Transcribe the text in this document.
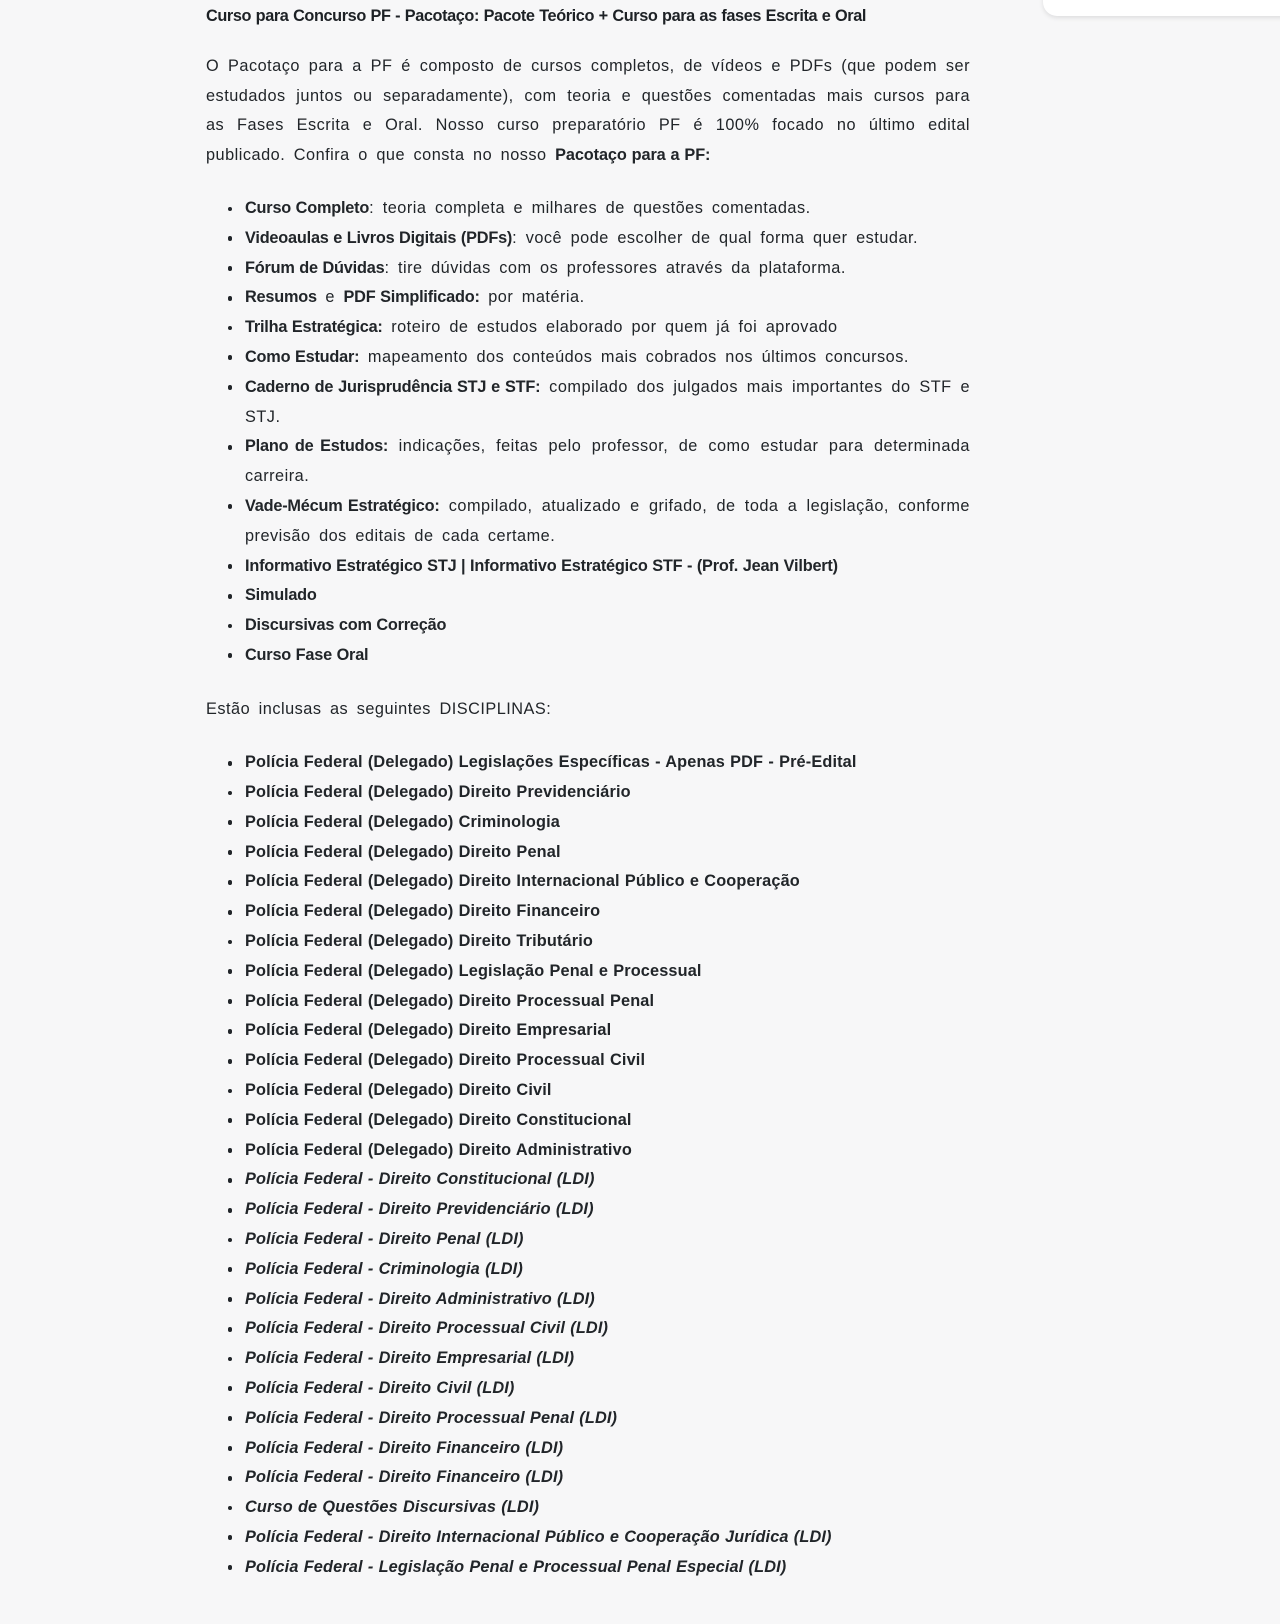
Curso para Concurso PF - Pacotaço: Pacote Teórico + Curso para as fases Escrita e Oral

O Pacotaço para a PF é composto de cursos completos, de vídeos e PDFs (que podem ser estudados juntos ou separadamente), com teoria e questões comentadas mais cursos para as Fases Escrita e Oral. Nosso curso preparatório PF é 100% focado no último edital publicado. Confira o que consta no nosso Pacotaço para a PF:

Curso Completo: teoria completa e milhares de questões comentadas.
Videoaulas e Livros Digitais (PDFs): você pode escolher de qual forma quer estudar.
Fórum de Dúvidas: tire dúvidas com os professores através da plataforma.
Resumos e PDF Simplificado: por matéria.
Trilha Estratégica: roteiro de estudos elaborado por quem já foi aprovado
Como Estudar: mapeamento dos conteúdos mais cobrados nos últimos concursos.
Caderno de Jurisprudência STJ e STF: compilado dos julgados mais importantes do STF e STJ.
Plano de Estudos: indicações, feitas pelo professor, de como estudar para determinada carreira.
Vade-Mécum Estratégico: compilado, atualizado e grifado, de toda a legislação, conforme previsão dos editais de cada certame.
Informativo Estratégico STJ | Informativo Estratégico STF - (Prof. Jean Vilbert)
Simulado
Discursivas com Correção
Curso Fase Oral

Estão inclusas as seguintes DISCIPLINAS:

Polícia Federal (Delegado) Legislações Específicas - Apenas PDF - Pré-Edital
Polícia Federal (Delegado) Direito Previdenciário
Polícia Federal (Delegado) Criminologia
Polícia Federal (Delegado) Direito Penal
Polícia Federal (Delegado) Direito Internacional Público e Cooperação
Polícia Federal (Delegado) Direito Financeiro
Polícia Federal (Delegado) Direito Tributário
Polícia Federal (Delegado) Legislação Penal e Processual
Polícia Federal (Delegado) Direito Processual Penal
Polícia Federal (Delegado) Direito Empresarial
Polícia Federal (Delegado) Direito Processual Civil
Polícia Federal (Delegado) Direito Civil
Polícia Federal (Delegado) Direito Constitucional
Polícia Federal (Delegado) Direito Administrativo
Polícia Federal - Direito Constitucional (LDI)
Polícia Federal - Direito Previdenciário (LDI)
Polícia Federal - Direito Penal (LDI)
Polícia Federal - Criminologia (LDI)
Polícia Federal - Direito Administrativo (LDI)
Polícia Federal - Direito Processual Civil (LDI)
Polícia Federal - Direito Empresarial (LDI)
Polícia Federal - Direito Civil (LDI)
Polícia Federal - Direito Processual Penal (LDI)
Polícia Federal - Direito Financeiro (LDI)
Polícia Federal - Direito Financeiro (LDI)
Curso de Questões Discursivas (LDI)
Polícia Federal - Direito Internacional Público e Cooperação Jurídica (LDI)
Polícia Federal - Legislação Penal e Processual Penal Especial (LDI)
